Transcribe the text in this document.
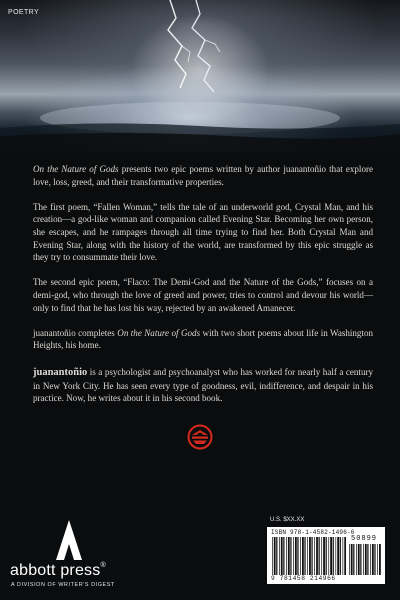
POETRY

On the Nature of Gods presents two epic poems written by author juanantoñio that explore love, loss, greed, and their transformative properties.

The first poem, “Fallen Woman,” tells the tale of an underworld god, Crystal Man, and his creation—a god-like woman and companion called Evening Star. Becoming her own person, she escapes, and he rampages through all time trying to find her. Both Crystal Man and Evening Star, along with the history of the world, are transformed by this epic struggle as they try to consummate their love.

The second epic poem, “Flaco: The Demi-God and the Nature of the Gods,” focuses on a demi-god, who through the love of greed and power, tries to control and devour his world—only to find that he has lost his way, rejected by an awakened Amanecer.

juanantoñio completes On the Nature of Gods with two short poems about life in Washington Heights, his home.

juanantoñio is a psychologist and psychoanalyst who has worked for nearly half a century in New York City. He has seen every type of goodness, evil, indifference, and despair in his practice. Now, he writes about it in his second book.

U.S. $XX.XX
ISBN 978-1-4582-1496-6
50899
9 781458 214966
abbott press®
A DIVISION OF WRITER'S DIGEST
